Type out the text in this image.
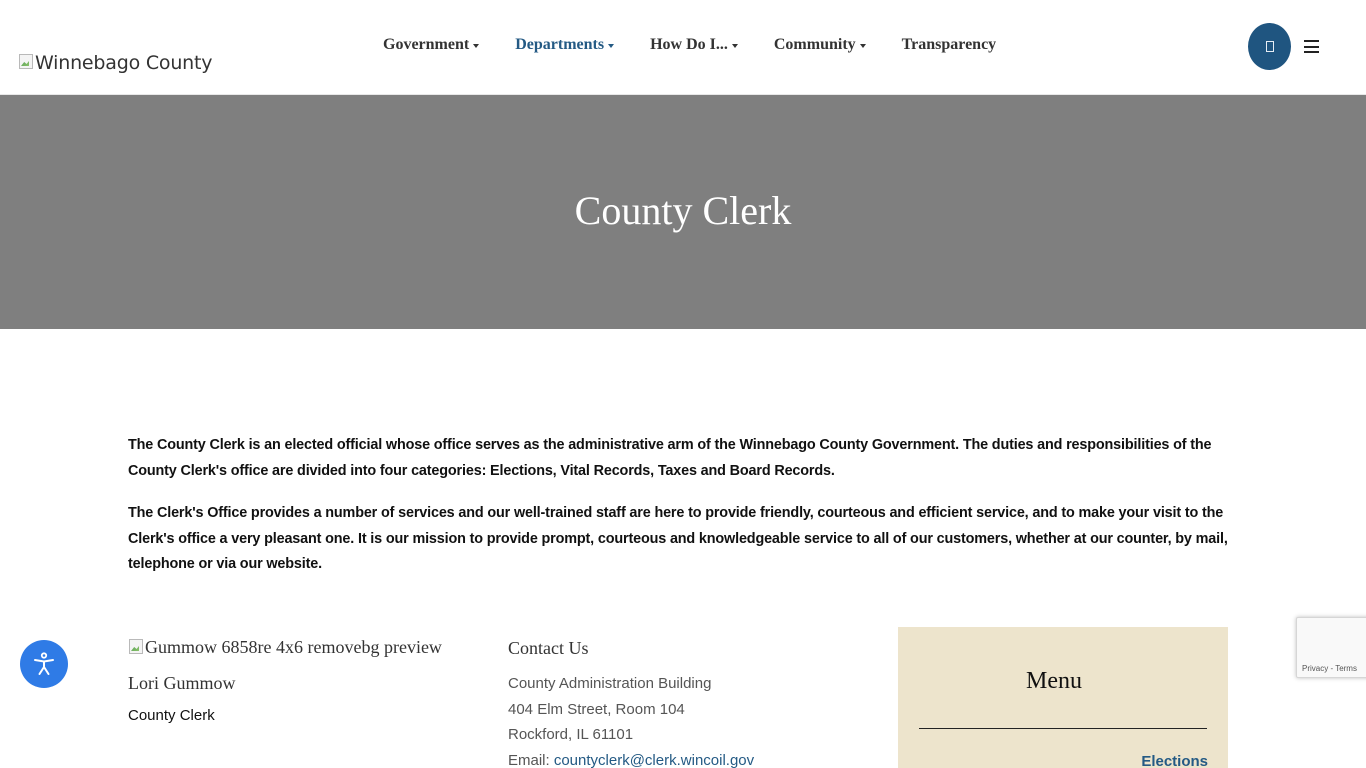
Winnebago County
Government	Departments	How Do I...	Community	Transparency
County Clerk

The County Clerk is an elected official whose office serves as the administrative arm of the Winnebago County Government. The duties and responsibilities of the County Clerk's office are divided into four categories: Elections, Vital Records, Taxes and Board Records.

The Clerk's Office provides a number of services and our well-trained staff are here to provide friendly, courteous and efficient service, and to make your visit to the Clerk's office a very pleasant one. It is our mission to provide prompt, courteous and knowledgeable service to all of our customers, whether at our counter, by mail, telephone or via our website.

Gummow 6858re 4x6 removebg preview
Lori Gummow
County Clerk
Contact Us
County Administration Building
404 Elm Street, Room 104
Rockford, IL 61101
Email: countyclerk@clerk.wincoil.gov
Menu
Elections
Privacy - Terms
